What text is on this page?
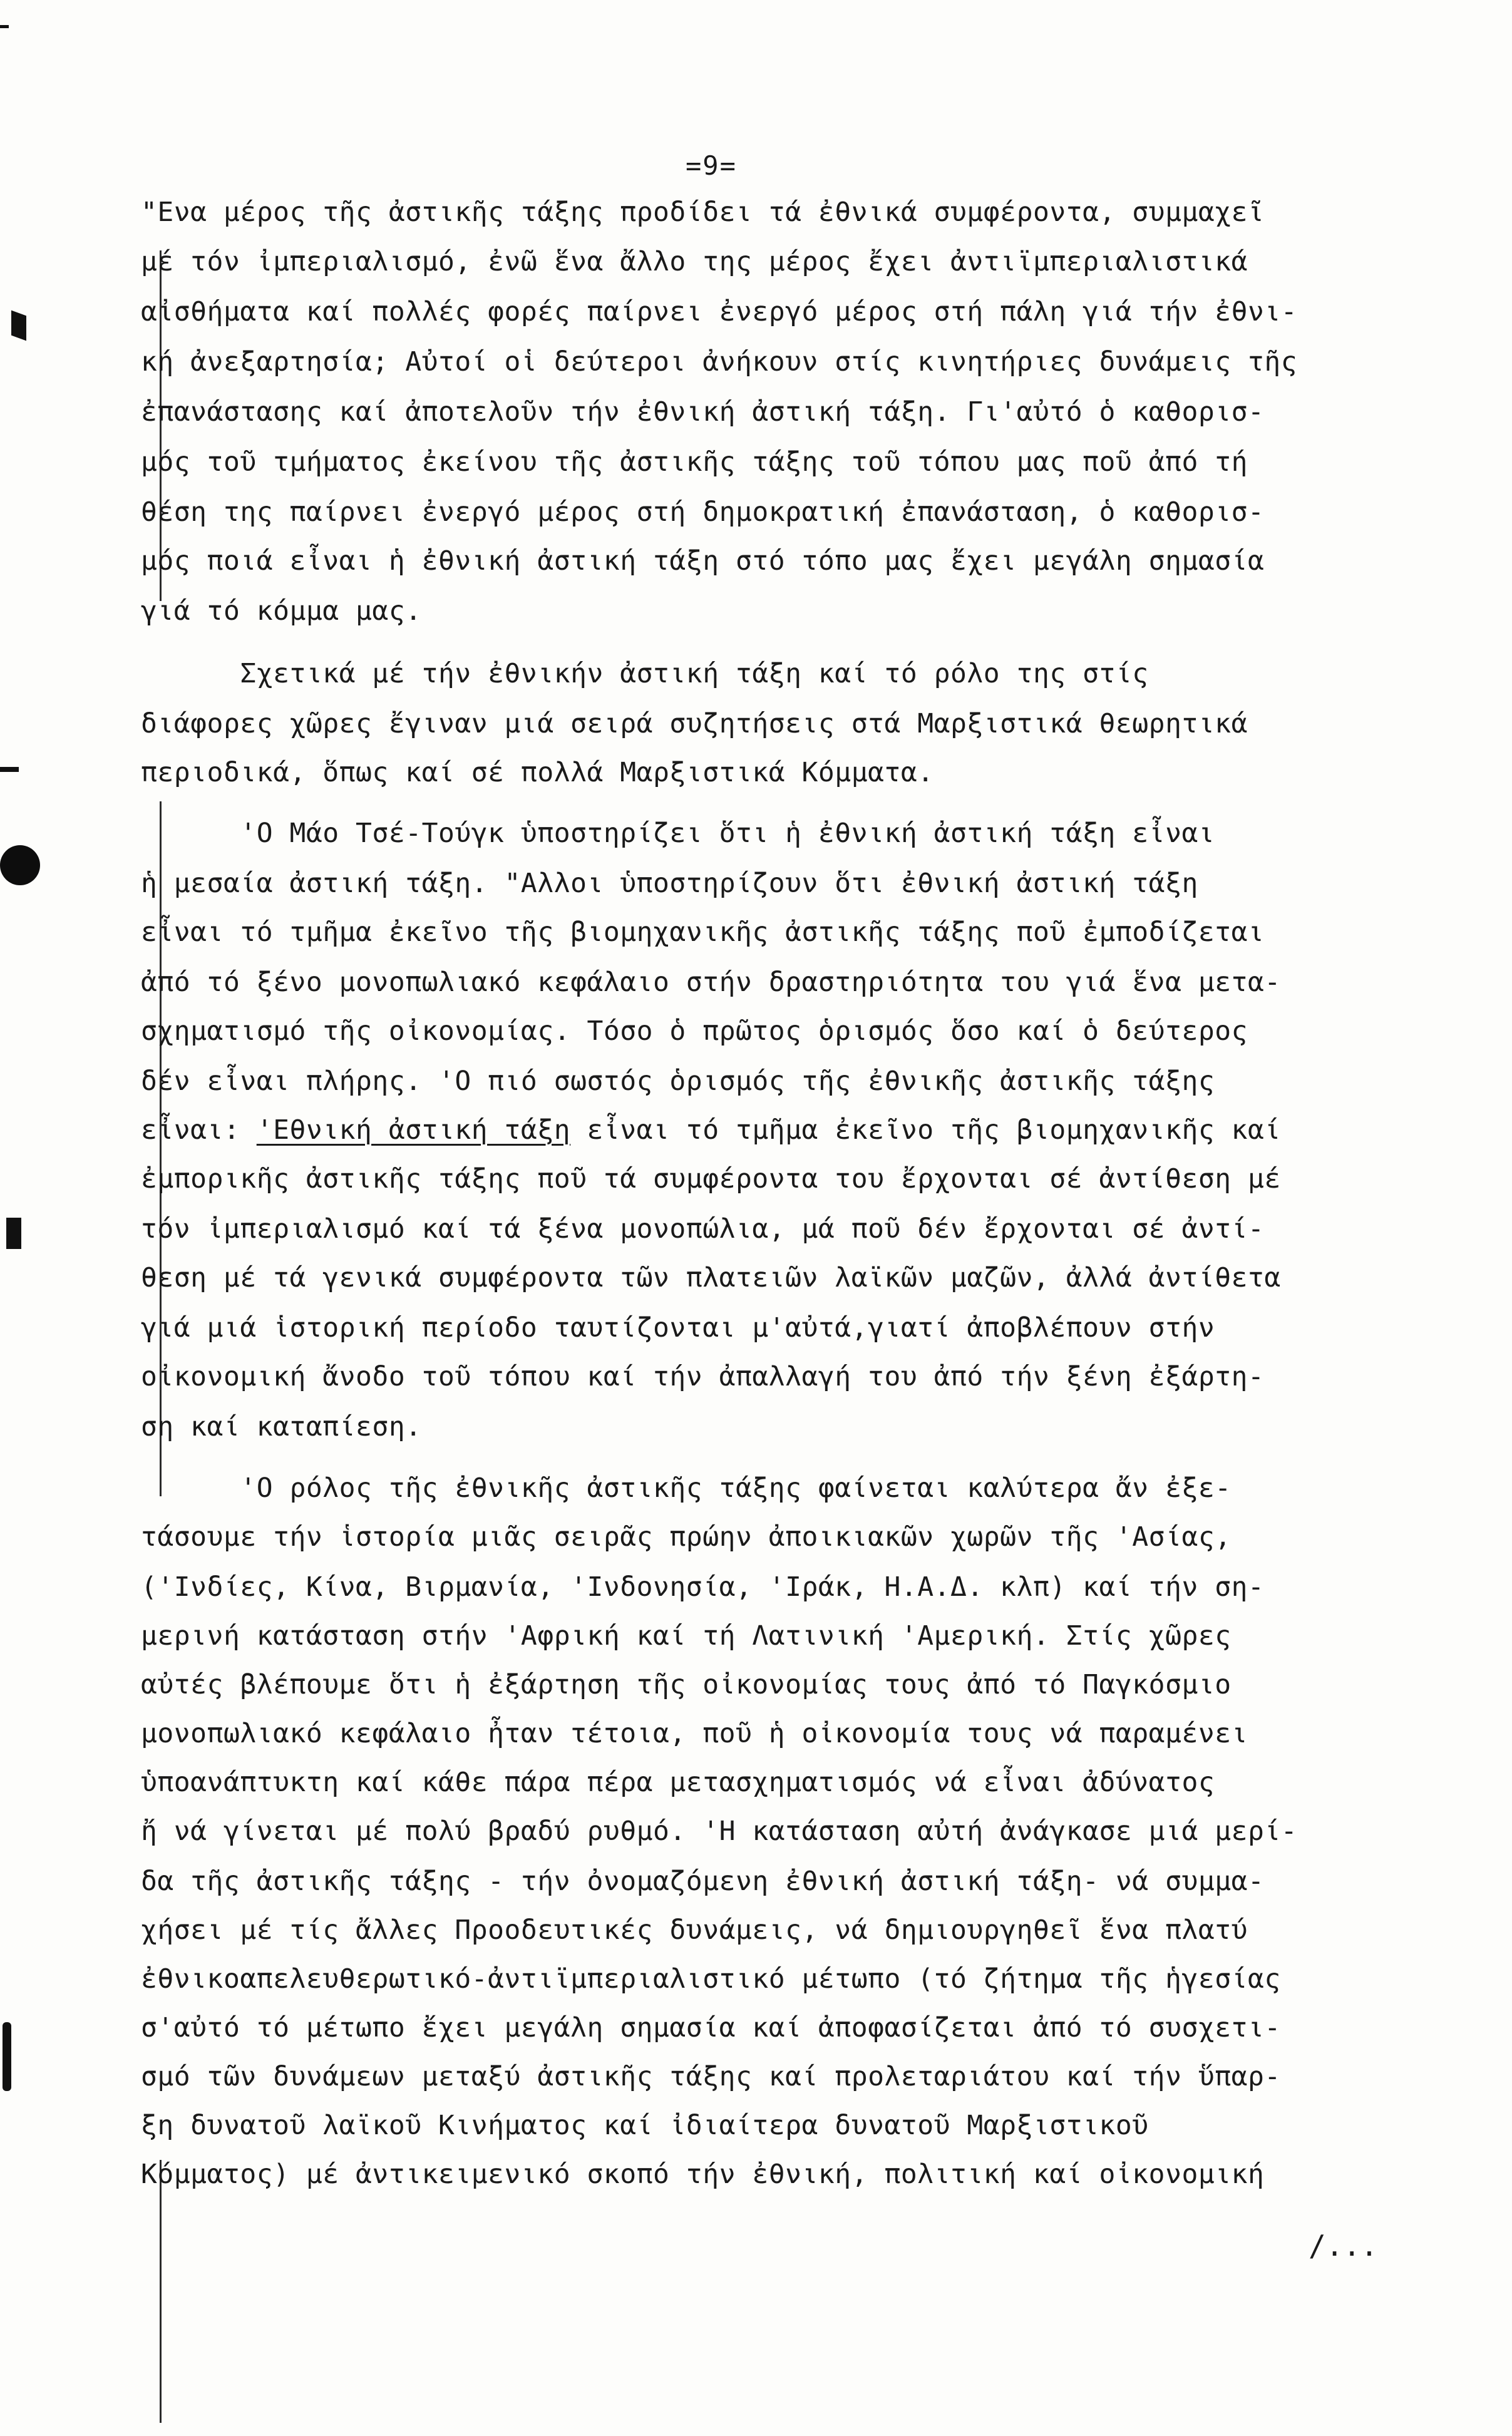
=9=
"Ενα μέρος τῆς ἀστικῆς τάξης προδίδει τά ἐθνικά συμφέροντα, συμμαχεῖ
μέ τόν ἰμπεριαλισμό, ἐνῶ ἕνα ἄλλο της μέρος ἔχει ἀντιϊμπεριαλιστικά
αἰσθήματα καί πολλές φορές παίρνει ἐνεργό μέρος στή πάλη γιά τήν ἐθνι-
κή ἀνεξαρτησία; Αὐτοί οἱ δεύτεροι ἀνήκουν στίς κινητήριες δυνάμεις τῆς
ἐπανάστασης καί ἀποτελοῦν τήν ἐθνική ἀστική τάξη. Γι'αὐτό ὁ καθορισ-
μός τοῦ τμήματος ἐκείνου τῆς ἀστικῆς τάξης τοῦ τόπου μας ποῦ ἀπό τή
θέση της παίρνει ἐνεργό μέρος στή δημοκρατική ἐπανάσταση, ὁ καθορισ-
μός ποιά εἶναι ἡ ἐθνική ἀστική τάξη στό τόπο μας ἔχει μεγάλη σημασία
γιά τό κόμμα μας.
Σχετικά μέ τήν ἐθνικήν ἀστική τάξη καί τό ρόλο της στίς
διάφορες χῶρες ἔγιναν μιά σειρά συζητήσεις στά Μαρξιστικά θεωρητικά
περιοδικά, ὅπως καί σέ πολλά Μαρξιστικά Κόμματα.
'Ο Μάο Τσέ-Τούγκ ὑποστηρίζει ὅτι ἡ ἐθνική ἀστική τάξη εἶναι
ἡ μεσαία ἀστική τάξη. "Αλλοι ὑποστηρίζουν ὅτι ἐθνική ἀστική τάξη
εἶναι τό τμῆμα ἐκεῖνο τῆς βιομηχανικῆς ἀστικῆς τάξης ποῦ ἐμποδίζεται
ἀπό τό ξένο μονοπωλιακό κεφάλαιο στήν δραστηριότητα του γιά ἕνα μετα-
σχηματισμό τῆς οἰκονομίας. Τόσο ὁ πρῶτος ὁρισμός ὅσο καί ὁ δεύτερος
δέν εἶναι πλήρης. 'Ο πιό σωστός ὁρισμός τῆς ἐθνικῆς ἀστικῆς τάξης
εἶναι: 'Εθνική ἀστική τάξη εἶναι τό τμῆμα ἐκεῖνο τῆς βιομηχανικῆς καί
ἐμπορικῆς ἀστικῆς τάξης ποῦ τά συμφέροντα του ἔρχονται σέ ἀντίθεση μέ
τόν ἰμπεριαλισμό καί τά ξένα μονοπώλια, μά ποῦ δέν ἔρχονται σέ ἀντί-
θεση μέ τά γενικά συμφέροντα τῶν πλατειῶν λαϊκῶν μαζῶν, ἀλλά ἀντίθετα
γιά μιά ἱστορική περίοδο ταυτίζονται μ'αὐτά,γιατί ἀποβλέπουν στήν
οἰκονομική ἄνοδο τοῦ τόπου καί τήν ἀπαλλαγή του ἀπό τήν ξένη ἐξάρτη-
ση καί καταπίεση.
'Ο ρόλος τῆς ἐθνικῆς ἀστικῆς τάξης φαίνεται καλύτερα ἄν ἐξε-
τάσουμε τήν ἱστορία μιᾶς σειρᾶς πρώην ἀποικιακῶν χωρῶν τῆς 'Ασίας,
('Ινδίες, Κίνα, Βιρμανία, 'Ινδονησία, 'Ιράκ, Η.Α.Δ. κλπ) καί τήν ση-
μερινή κατάσταση στήν 'Αφρική καί τή Λατινική 'Αμερική. Στίς χῶρες
αὐτές βλέπουμε ὅτι ἡ ἐξάρτηση τῆς οἰκονομίας τους ἀπό τό Παγκόσμιο
μονοπωλιακό κεφάλαιο ἦταν τέτοια, ποῦ ἡ οἰκονομία τους νά παραμένει
ὑποανάπτυκτη καί κάθε πάρα πέρα μετασχηματισμός νά εἶναι ἀδύνατος
ἤ νά γίνεται μέ πολύ βραδύ ρυθμό. 'Η κατάσταση αὐτή ἀνάγκασε μιά μερί-
δα τῆς ἀστικῆς τάξης - τήν ὀνομαζόμενη ἐθνική ἀστική τάξη- νά συμμα-
χήσει μέ τίς ἄλλες Προοδευτικές δυνάμεις, νά δημιουργηθεῖ ἕνα πλατύ
ἐθνικοαπελευθερωτικό-ἀντιϊμπεριαλιστικό μέτωπο (τό ζήτημα τῆς ἡγεσίας
σ'αὐτό τό μέτωπο ἔχει μεγάλη σημασία καί ἀποφασίζεται ἀπό τό συσχετι-
σμό τῶν δυνάμεων μεταξύ ἀστικῆς τάξης καί προλεταριάτου καί τήν ὕπαρ-
ξη δυνατοῦ λαϊκοῦ Κινήματος καί ἰδιαίτερα δυνατοῦ Μαρξιστικοῦ
Κόμματος) μέ ἀντικειμενικό σκοπό τήν ἐθνική, πολιτική καί οἰκονομική
/...
